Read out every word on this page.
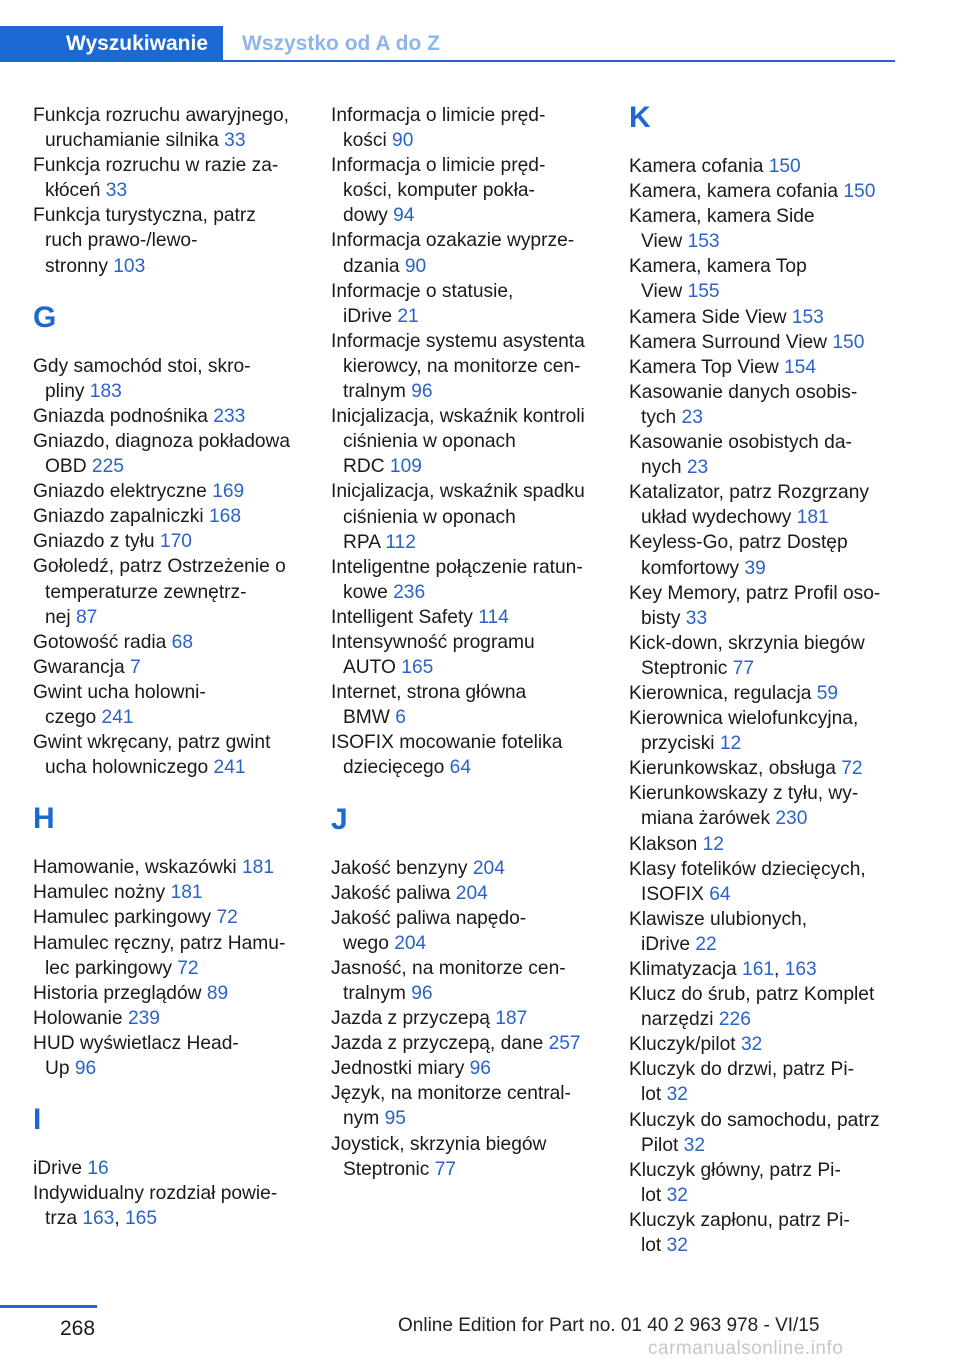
Wyszukiwanie Wszystko od A do Z
Funkcja rozruchu awaryjnego,
uruchamianie silnika 33
Funkcja rozruchu w razie za-
kłóceń 33
Funkcja turystyczna, patrz
ruch prawo-/lewo-
stronny 103
G
Gdy samochód stoi, skro-
pliny 183
Gniazda podnośnika 233
Gniazdo, diagnoza pokładowa
OBD 225
Gniazdo elektryczne 169
Gniazdo zapalniczki 168
Gniazdo z tyłu 170
Gołoledź, patrz Ostrzeżenie o
temperaturze zewnętrz-
nej 87
Gotowość radia 68
Gwarancja 7
Gwint ucha holowni-
czego 241
Gwint wkręcany, patrz gwint
ucha holowniczego 241
H
Hamowanie, wskazówki 181
Hamulec nożny 181
Hamulec parkingowy 72
Hamulec ręczny, patrz Hamu-
lec parkingowy 72
Historia przeglądów 89
Holowanie 239
HUD wyświetlacz Head-
Up 96
I
iDrive 16
Indywidualny rozdział powie-
trza 163, 165
Informacja o limicie pręd-
kości 90
Informacja o limicie pręd-
kości, komputer pokła-
dowy 94
Informacja ozakazie wyprze-
dzania 90
Informacje o statusie,
iDrive 21
Informacje systemu asystenta
kierowcy, na monitorze cen-
tralnym 96
Inicjalizacja, wskaźnik kontroli
ciśnienia w oponach
RDC 109
Inicjalizacja, wskaźnik spadku
ciśnienia w oponach
RPA 112
Inteligentne połączenie ratun-
kowe 236
Intelligent Safety 114
Intensywność programu
AUTO 165
Internet, strona główna
BMW 6
ISOFIX mocowanie fotelika
dziecięcego 64
J
Jakość benzyny 204
Jakość paliwa 204
Jakość paliwa napędo-
wego 204
Jasność, na monitorze cen-
tralnym 96
Jazda z przyczepą 187
Jazda z przyczepą, dane 257
Jednostki miary 96
Język, na monitorze central-
nym 95
Joystick, skrzynia biegów
Steptronic 77
K
Kamera cofania 150
Kamera, kamera cofania 150
Kamera, kamera Side
View 153
Kamera, kamera Top
View 155
Kamera Side View 153
Kamera Surround View 150
Kamera Top View 154
Kasowanie danych osobis-
tych 23
Kasowanie osobistych da-
nych 23
Katalizator, patrz Rozgrzany
układ wydechowy 181
Keyless-Go, patrz Dostęp
komfortowy 39
Key Memory, patrz Profil oso-
bisty 33
Kick-down, skrzynia biegów
Steptronic 77
Kierownica, regulacja 59
Kierownica wielofunkcyjna,
przyciski 12
Kierunkowskaz, obsługa 72
Kierunkowskazy z tyłu, wy-
miana żarówek 230
Klakson 12
Klasy fotelików dziecięcych,
ISOFIX 64
Klawisze ulubionych,
iDrive 22
Klimatyzacja 161, 163
Klucz do śrub, patrz Komplet
narzędzi 226
Kluczyk/pilot 32
Kluczyk do drzwi, patrz Pi-
lot 32
Kluczyk do samochodu, patrz
Pilot 32
Kluczyk główny, patrz Pi-
lot 32
Kluczyk zapłonu, patrz Pi-
lot 32
268	Online Edition for Part no. 01 40 2 963 978 - VI/15
carmanualsonline.info
